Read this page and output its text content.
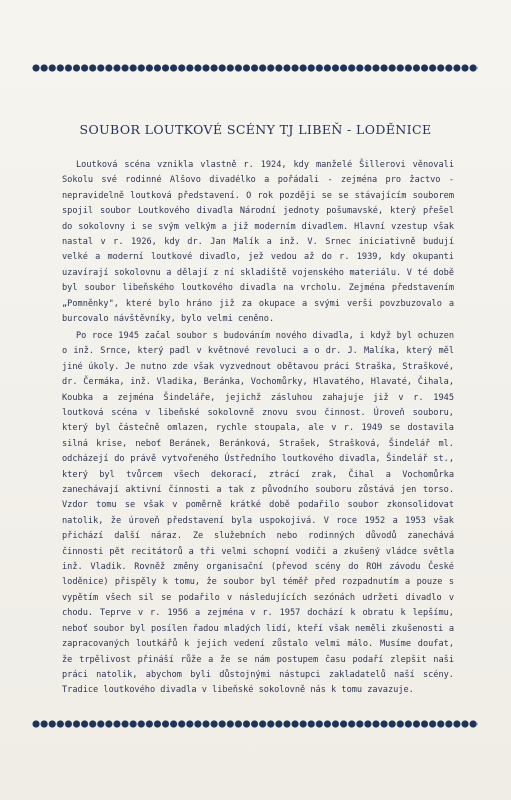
SOUBOR LOUTKOVÉ SCÉNY TJ LIBEŇ - LODĚNICE

Loutková scéna vznikla vlastně r. 1924, kdy manželé Šillerovi věnovali Sokolu své rodinné Alšovo divadélko a pořádali - zejména pro žactvo - nepravidelně loutková představení. O rok později se se stávajícím souborem spojil soubor Loutkového divadla Národní jednoty pošumavské, který přešel do sokolovny i se svým velkým a již moderním divadlem. Hlavní vzestup však nastal v r. 1926, kdy dr. Jan Malík a inž. V. Srnec iniciativně budují velké a moderní loutkové divadlo, jež vedou až do r. 1939, kdy okupanti uzavírají sokolovnu a dělají z ní skladiště vojenského materiálu. V té době byl soubor libeňského loutkového divadla na vrcholu. Zejména představením „Pomněnky", které bylo hráno již za okupace a svými verši povzbuzovalo a burcovalo návštěvníky, bylo velmi ceněno.

Po roce 1945 začal soubor s budováním nového divadla, i když byl ochuzen o inž. Srnce, který padl v květnové revoluci a o dr. J. Malíka, který měl jiné úkoly. Je nutno zde však vyzvednout obětavou práci Straška, Straškové, dr. Čermáka, inž. Vladika, Beránka, Vochomůrky, Hlavatého, Hlavaté, Čihala, Koubka a zejména Šindeláře, jejichž zásluhou zahajuje již v r. 1945 loutková scéna v libeňské sokolovně znovu svou činnost. Úroveň souboru, který byl částečně omlazen, rychle stoupala, ale v r. 1949 se dostavila silná krise, neboť Beránek, Beránková, Strašek, Strašková, Šindelář ml. odcházejí do právě vytvořeného Ústředního loutkového divadla, Šindelář st., který byl tvůrcem všech dekorací, ztrácí zrak, Čihal a Vochomůrka zanechávají aktivní činnosti a tak z původního souboru zůstává jen torso. Vzdor tomu se však v poměrně krátké době podařilo soubor zkonsolidovat natolik, že úroveň představení byla uspokojivá. V roce 1952 a 1953 však přichází další náraz. Ze služebních nebo rodinných důvodů zanechává činnosti pět recitátorů a tři velmi schopní vodiči a zkušený vládce světla inž. Vladik. Rovněž změny organisační (převod scény do ROH závodu České loděnice) přispěly k tomu, že soubor byl téměř před rozpadnutím a pouze s vypětím všech sil se podařilo v následujících sezónách udržeti divadlo v chodu. Teprve v r. 1956 a zejména v r. 1957 dochází k obratu k lepšímu, neboť soubor byl posílen řadou mladých lidí, kteří však neměli zkušenosti a zapracovaných loutkářů k jejich vedení zůstalo velmi málo. Musíme doufat, že trpělivost přináší růže a že se nám postupem času podaří zlepšit naši práci natolik, abychom byli důstojnými nástupci zakladatelů naší scény. Tradice loutkového divadla v libeňské sokolovně nás k tomu zavazuje.
